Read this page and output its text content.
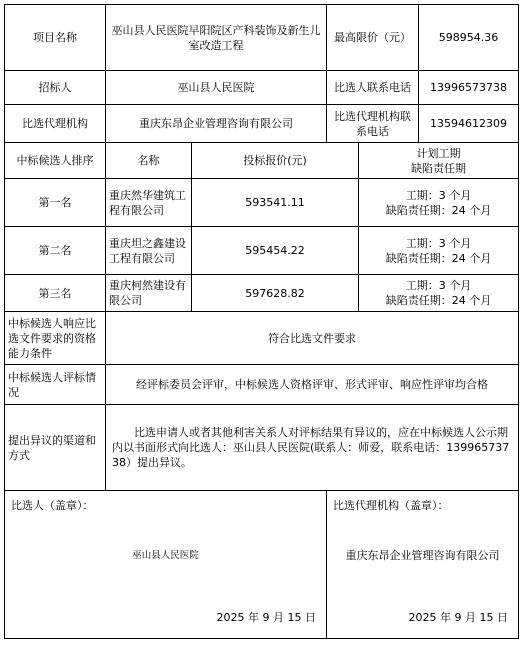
项目名称	巫山县人民医院早阳院区产科装饰及新生儿室改造工程		最高限价（元）		598954.36
招标人	巫山县人民医院		比选人联系电话		13996573738
比选代理机构	重庆东昂企业管理咨询有限公司		比选代理机构联系电话		13594612309
中标候选人排序	名称	投标报价(元)		计划工期
缺陷责任期	

第一名	重庆然华建筑工程有限公司	593541.11		工期：3 个月
缺陷责任期：24 个月	

第二名	重庆坦之鑫建设工程有限公司	595454.22		工期：3 个月
缺陷责任期：24 个月	

第三名	重庆柯然建设有限公司	597628.82		工期：3 个月
缺陷责任期：24 个月	

中标候选人响应比选文件要求的资格能力条件	符合比选文件要求				
中标候选人评标情况	经评标委员会评审，中标候选人资格评审、形式评审、响应性评审均合格				
提出异议的渠道和方式	比选申请人或者其他利害关系人对评标结果有异议的，应在中标候选人公示期内以书面形式向比选人：巫山县人民医院(联系人：师爱，联系电话：13996573738）提出异议。				

比选人（盖章）：
巫山县人民医院
2025 年 9 月 15 日			比选代理机构（盖章）：
重庆东昂企业管理咨询有限公司
2025 年 9 月 15 日		
